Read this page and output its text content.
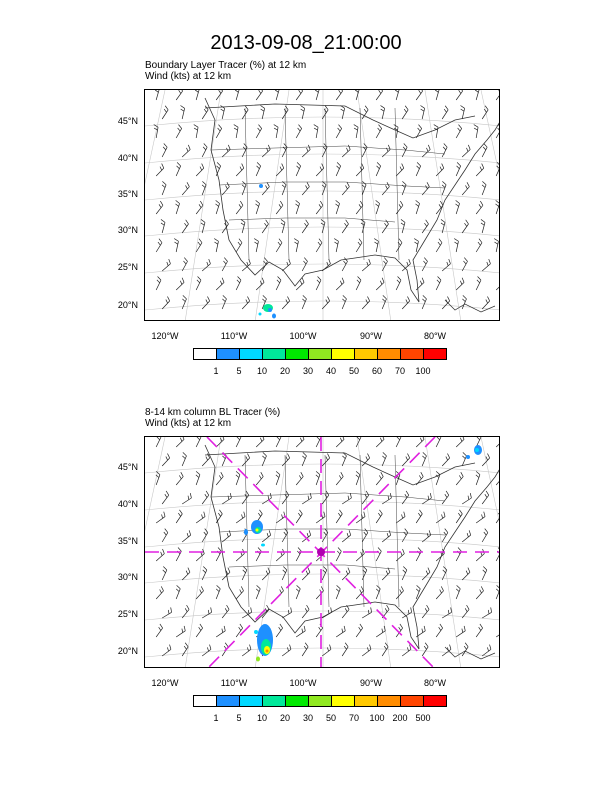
2013-09-08_21:00:00
Boundary Layer Tracer (%) at 12 km
Wind (kts) at 12 km
45°N
40°N
35°N
30°N
25°N
20°N
120°W	110°W	100°W	90°W	80°W
1	5	10	20	30	40	50	60	70	100
8-14 km column BL Tracer (%)
Wind (kts) at 12 km
45°N
40°N
35°N
30°N
25°N
20°N
120°W	110°W	100°W	90°W	80°W
1	5	10	20	30	50	70	100 200 500
